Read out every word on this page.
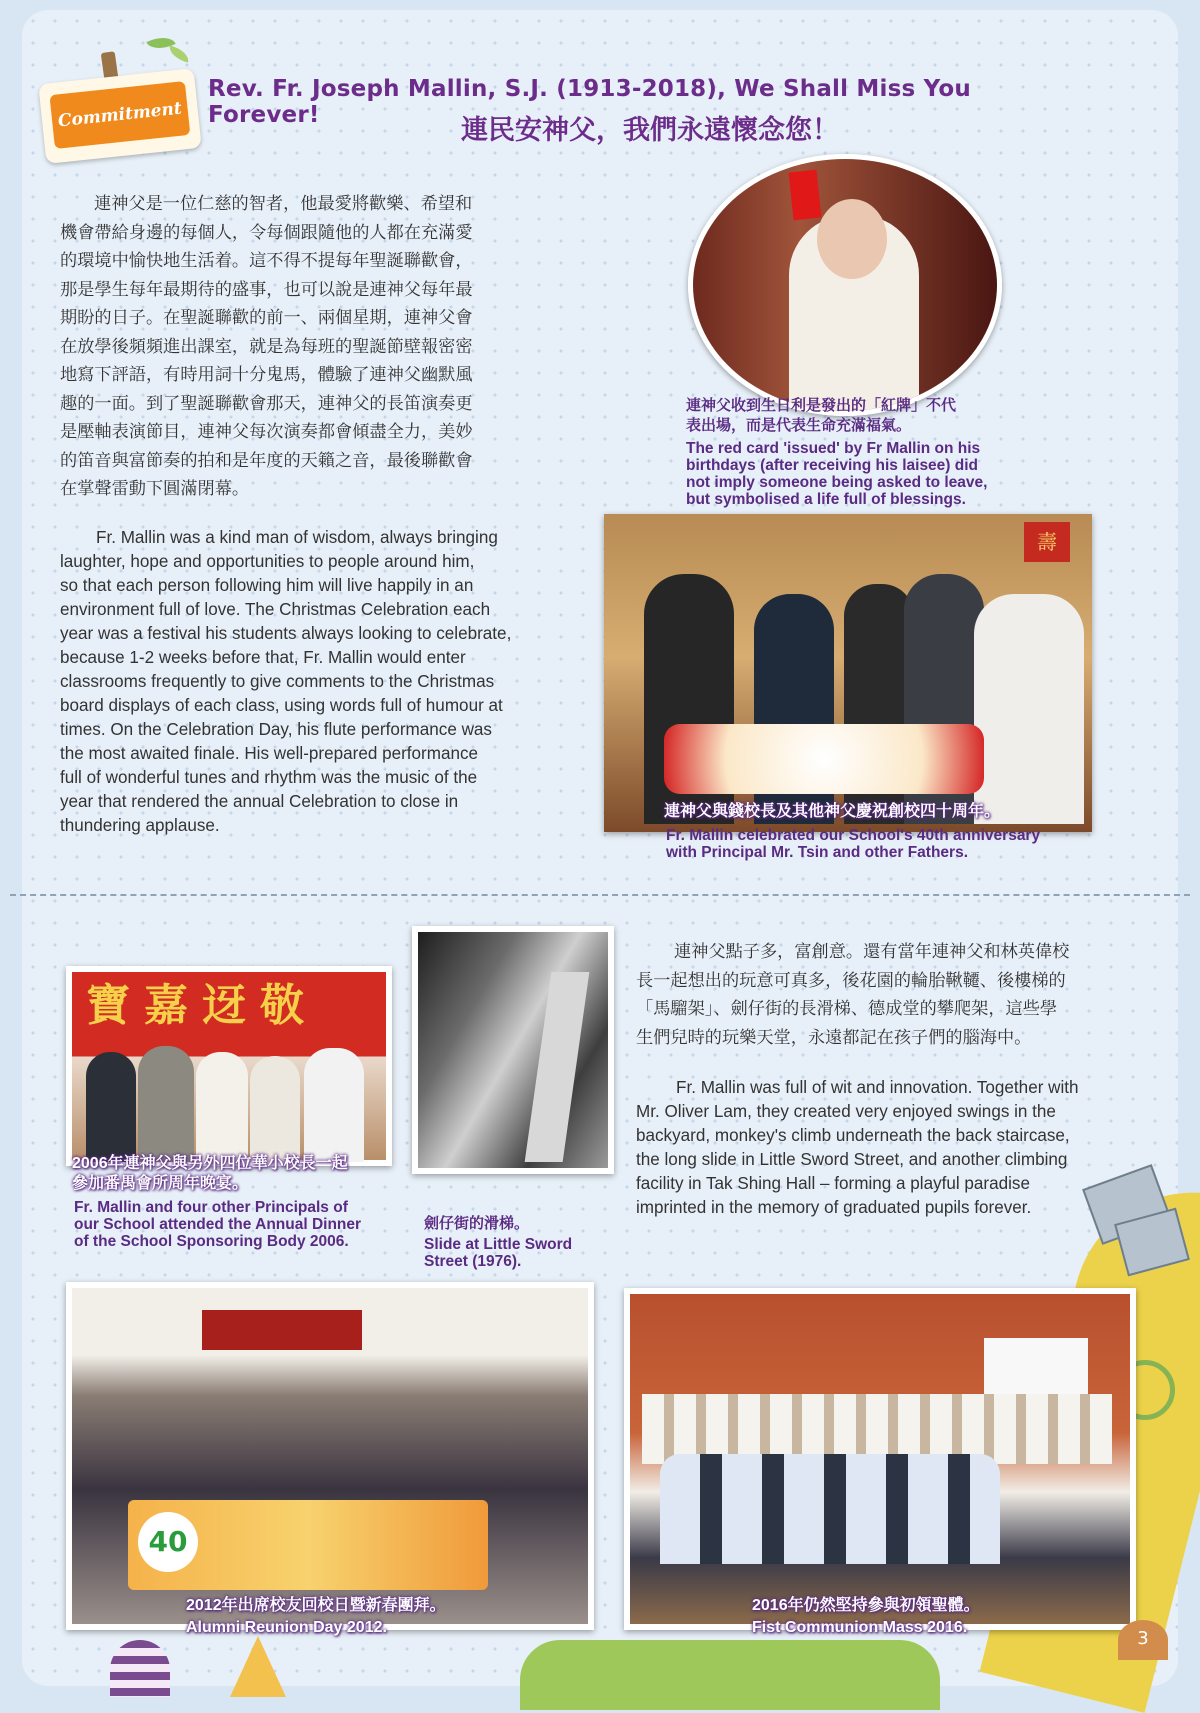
Commitment
Rev. Fr. Joseph Mallin, S.J. (1913-2018), We Shall Miss You Forever!	連民安神父，我們永遠懷念您！
連神父是一位仁慈的智者，他最愛將歡樂、希望和
機會帶給身邊的每個人，令每個跟隨他的人都在充滿愛
的環境中愉快地生活着。這不得不提每年聖誕聯歡會，
那是學生每年最期待的盛事，也可以說是連神父每年最
期盼的日子。在聖誕聯歡的前一、兩個星期，連神父會
在放學後頻頻進出課室，就是為每班的聖誕節壁報密密
地寫下評語，有時用詞十分鬼馬，體驗了連神父幽默風
趣的一面。到了聖誕聯歡會那天，連神父的長笛演奏更
是壓軸表演節目，連神父每次演奏都會傾盡全力，美妙
的笛音與富節奏的拍和是年度的天籟之音，最後聯歡會
在掌聲雷動下圓滿閉幕。
Fr. Mallin was a kind man of wisdom, always bringing
laughter, hope and opportunities to people around him,
so that each person following him will live happily in an
environment full of love. The Christmas Celebration each
year was a festival his students always looking to celebrate,
because 1-2 weeks before that, Fr. Mallin would enter
classrooms frequently to give comments to the Christmas
board displays of each class, using words full of humour at
times. On the Celebration Day, his flute performance was
the most awaited finale. His well-prepared performance
full of wonderful tunes and rhythm was the music of the
year that rendered the annual Celebration to close in
thundering applause.
連神父收到生日利是發出的「紅牌」不代
表出場，而是代表生命充滿福氣。
The red card 'issued' by Fr Mallin on his
birthdays (after receiving his laisee) did
not imply someone being asked to leave,
but symbolised a life full of blessings.
壽
連神父與錢校長及其他神父慶祝創校四十周年。
Fr. Mallin celebrated our School's 40th anniversary
with Principal Mr. Tsin and other Fathers.
寶嘉迓敬
2006年連神父與另外四位華小校長一起
參加番禺會所周年晚宴。
Fr. Mallin and four other Principals of
our School attended the Annual Dinner
of the School Sponsoring Body 2006.
劍仔街的滑梯。
Slide at Little Sword
Street (1976).
連神父點子多，富創意。還有當年連神父和林英偉校
長一起想出的玩意可真多，後花園的輪胎鞦韆、後樓梯的
「馬騮架」、劍仔街的長滑梯、德成堂的攀爬架，這些學
生們兒時的玩樂天堂，永遠都記在孩子們的腦海中。
Fr. Mallin was full of wit and innovation. Together with
Mr. Oliver Lam, they created very enjoyed swings in the
backyard, monkey's climb underneath the back staircase,
the long slide in Little Sword Street, and another climbing
facility in Tak Shing Hall – forming a playful paradise
imprinted in the memory of graduated pupils forever.
40
2012年出席校友回校日暨新春團拜。
Alumni Reunion Day 2012.
2016年仍然堅持參與初領聖體。
Fist Communion Mass 2016.
3
